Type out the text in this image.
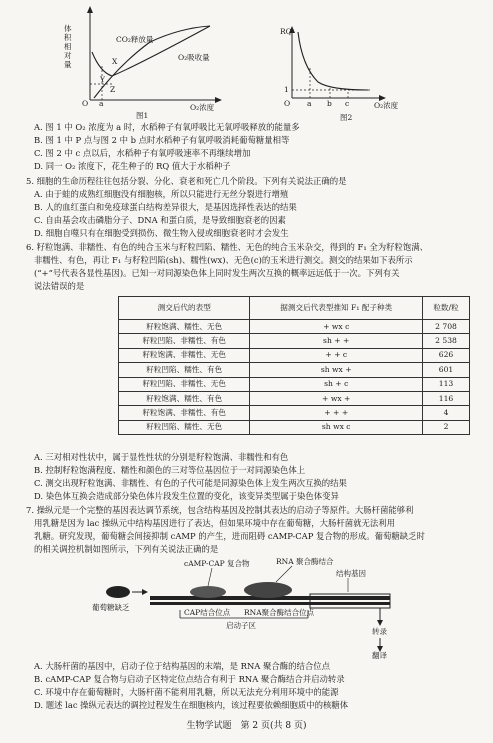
体积相对量
CO₂释放量
O₂吸收量
X
Y
Z
a
O	O₂浓度
图1
RQ
1
O a b c	O₂浓度
图2
A. 图 1 中 O₂ 浓度为 a 时，水稻种子有氧呼吸比无氧呼吸释放的能量多
B. 图 1 中 P 点与图 2 中 b 点时水稻种子有氧呼吸消耗葡萄糖量相等
C. 图 2 中 c 点以后，水稻种子有氧呼吸速率不再继续增加
D. 同一 O₂ 浓度下，花生种子的 RQ 值大于水稻种子
5. 细胞的生命历程往往包括分裂、分化、衰老和死亡几个阶段。下列有关说法正确的是
A. 由于蛙的成熟红细胞没有细胞核，所以只能进行无丝分裂进行增殖
B. 人的血红蛋白和免疫球蛋白结构差异很大，是基因选择性表达的结果
C. 自由基会攻击磷脂分子、DNA 和蛋白质，是导致细胞衰老的因素
D. 细胞自噬只有在细胞受到损伤、微生物入侵或细胞衰老时才会发生
6. 籽粒饱满、非糯性、有色的纯合玉米与籽粒凹陷、糯性、无色的纯合玉米杂交，得到的 F₁ 全为籽粒饱满、
非糯性、有色，再让 F₁ 与籽粒凹陷(sh)、糯性(wx)、无色(c)的玉米进行测交。测交的结果如下表所示
(“+”号代表各显性基因)。已知一对同源染色体上同时发生两次互换的概率远远低于一次。下列有关
说法错误的是
测交后代的表型	据测交后代表型推知 F₁ 配子种类	粒数/粒
籽粒饱满、糯性、无色	+ wx c	2 708
籽粒凹陷、非糯性、有色	sh + +	2 538
籽粒饱满、非糯性、无色	+ + c	626
籽粒凹陷、糯性、有色	sh wx +	601
籽粒凹陷、非糯性、无色	sh + c	113
籽粒饱满、糯性、有色	+ wx +	116
籽粒饱满、非糯性、有色	+ + +	4
籽粒凹陷、糯性、无色	sh wx c	2
A. 三对相对性状中，属于显性性状的分别是籽粒饱满、非糯性和有色
B. 控制籽粒饱满程度、糯性和颜色的三对等位基因位于一对同源染色体上
C. 测交出现籽粒饱满、非糯性、有色的子代可能是同源染色体上发生两次互换的结果
D. 染色体互换会造成部分染色体片段发生位置的变化，该变异类型属于染色体变异
7. 操纵元是一个完整的基因表达调节系统，包含结构基因及控制其表达的启动子等原件。大肠杆菌能够利
用乳糖是因为 lac 操纵元中结构基因进行了表达，但如果环境中存在葡萄糖，大肠杆菌就无法利用
乳糖。研究发现，葡萄糖会间接抑制 cAMP 的产生，进而阻碍 cAMP-CAP 复合物的形成。葡萄糖缺乏时
的相关调控机制如图所示，下列有关说法正确的是
cAMP-CAP 复合物	RNA 聚合酶结合
结构基因
葡萄糖缺乏
CAP结合位点 RNA聚合酶结合位点
启动子区
转录
翻译
A. 大肠杆菌的基因中，启动子位于结构基因的末端，是 RNA 聚合酶的结合位点
B. cAMP-CAP 复合物与启动子区特定位点结合有利于 RNA 聚合酶结合并启动转录
C. 环境中存在葡萄糖时，大肠杆菌不能利用乳糖，所以无法充分利用环境中的能源
D. 题述 lac 操纵元表达的调控过程发生在细胞核内，该过程要依赖细胞质中的核糖体
生物学试题　第 2 页(共 8 页)
